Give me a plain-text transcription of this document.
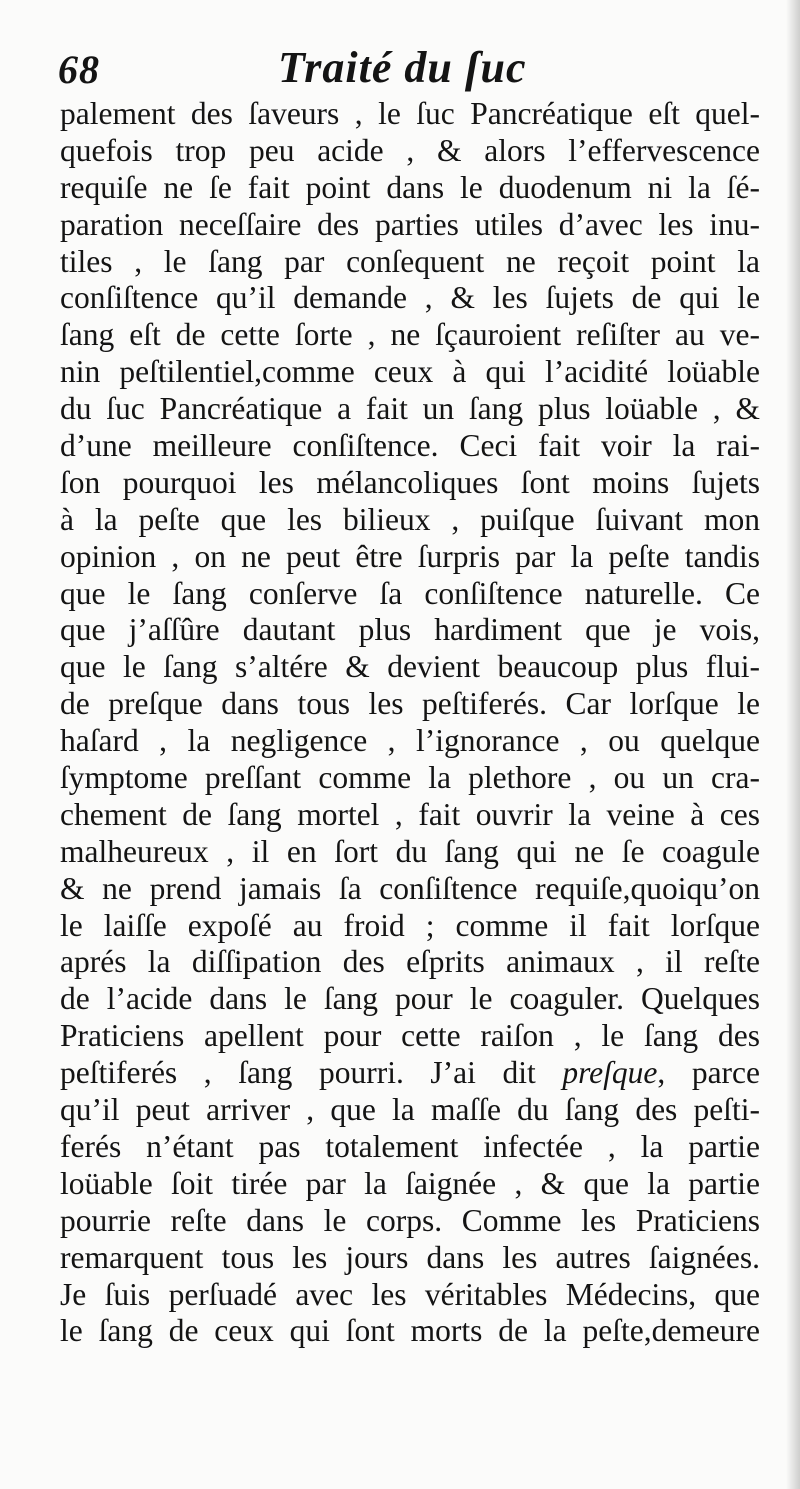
68	Traité du ſuc
palement des ſaveurs , le ſuc Pancréatique eſt quel-
quefois trop peu acide , & alors l’effervescence
requiſe ne ſe fait point dans le duodenum ni la ſé-
paration neceſſaire des parties utiles d’avec les inu-
tiles , le ſang par conſequent ne reçoit point la
conſiſtence qu’il demande , & les ſujets de qui le
ſang eſt de cette ſorte , ne ſçauroient reſiſter au ve-
nin peſtilentiel,comme ceux à qui l’acidité loüable
du ſuc Pancréatique a fait un ſang plus loüable , &
d’une meilleure conſiſtence. Ceci fait voir la rai-
ſon pourquoi les mélancoliques ſont moins ſujets
à la peſte que les bilieux , puiſque ſuivant mon
opinion , on ne peut être ſurpris par la peſte tandis
que le ſang conſerve ſa conſiſtence naturelle. Ce
que j’aſſûre dautant plus hardiment que je vois,
que le ſang s’altére & devient beaucoup plus flui-
de preſque dans tous les peſtiferés. Car lorſque le
haſard , la negligence , l’ignorance , ou quelque
ſymptome preſſant comme la plethore , ou un cra-
chement de ſang mortel , fait ouvrir la veine à ces
malheureux , il en ſort du ſang qui ne ſe coagule
& ne prend jamais ſa conſiſtence requiſe,quoiqu’on
le laiſſe expoſé au froid ; comme il fait lorſque
aprés la diſſipation des eſprits animaux , il reſte
de l’acide dans le ſang pour le coaguler. Quelques
Praticiens apellent pour cette raiſon , le ſang des
peſtiferés , ſang pourri. J’ai dit preſque, parce
qu’il peut arriver , que la maſſe du ſang des peſti-
ferés n’étant pas totalement infectée , la partie
loüable ſoit tirée par la ſaignée , & que la partie
pourrie reſte dans le corps. Comme les Praticiens
remarquent tous les jours dans les autres ſaignées.
Je ſuis perſuadé avec les véritables Médecins, que
le ſang de ceux qui ſont morts de la peſte,demeure
